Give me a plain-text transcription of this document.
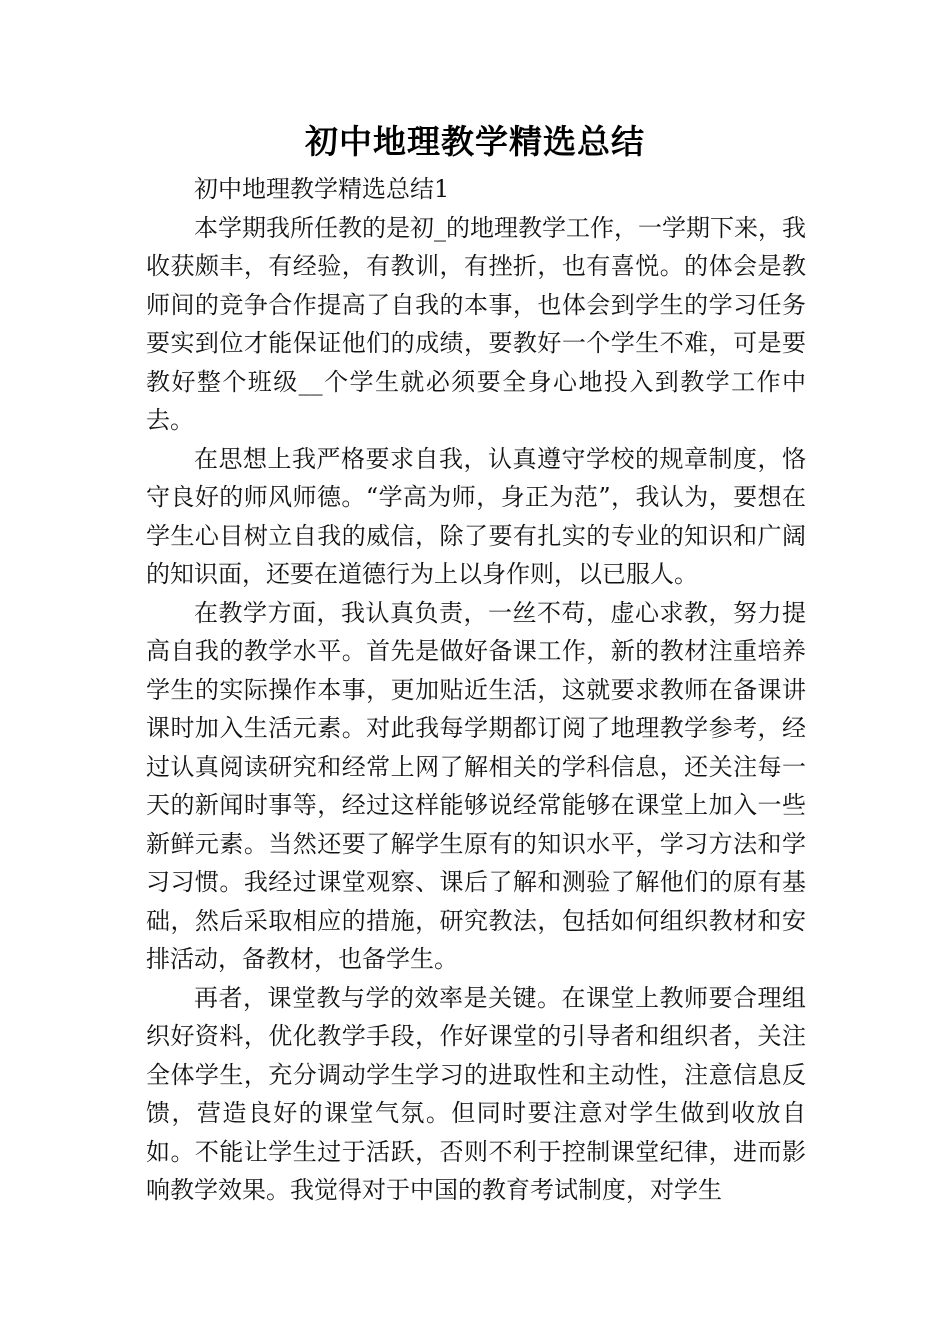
初中地理教学精选总结

初中地理教学精选总结1

本学期我所任教的是初_的地理教学工作，一学期下来，我收获颇丰，有经验，有教训，有挫折，也有喜悦。的体会是教师间的竞争合作提高了自我的本事，也体会到学生的学习任务要实到位才能保证他们的成绩，要教好一个学生不难，可是要教好整个班级__个学生就必须要全身心地投入到教学工作中去。

在思想上我严格要求自我，认真遵守学校的规章制度，恪守良好的师风师德。“学高为师，身正为范”，我认为，要想在学生心目树立自我的威信，除了要有扎实的专业的知识和广阔的知识面，还要在道德行为上以身作则，以已服人。

在教学方面，我认真负责，一丝不苟，虚心求教，努力提高自我的教学水平。首先是做好备课工作，新的教材注重培养学生的实际操作本事，更加贴近生活，这就要求教师在备课讲课时加入生活元素。对此我每学期都订阅了地理教学参考，经过认真阅读研究和经常上网了解相关的学科信息，还关注每一天的新闻时事等，经过这样能够说经常能够在课堂上加入一些新鲜元素。当然还要了解学生原有的知识水平，学习方法和学习习惯。我经过课堂观察、课后了解和测验了解他们的原有基础，然后采取相应的措施，研究教法，包括如何组织教材和安排活动，备教材，也备学生。

再者，课堂教与学的效率是关键。在课堂上教师要合理组织好资料，优化教学手段，作好课堂的引导者和组织者，关注全体学生，充分调动学生学习的进取性和主动性，注意信息反馈，营造良好的课堂气氛。但同时要注意对学生做到收放自如。不能让学生过于活跃，否则不利于控制课堂纪律，进而影响教学效果。我觉得对于中国的教育考试制度，对学生
